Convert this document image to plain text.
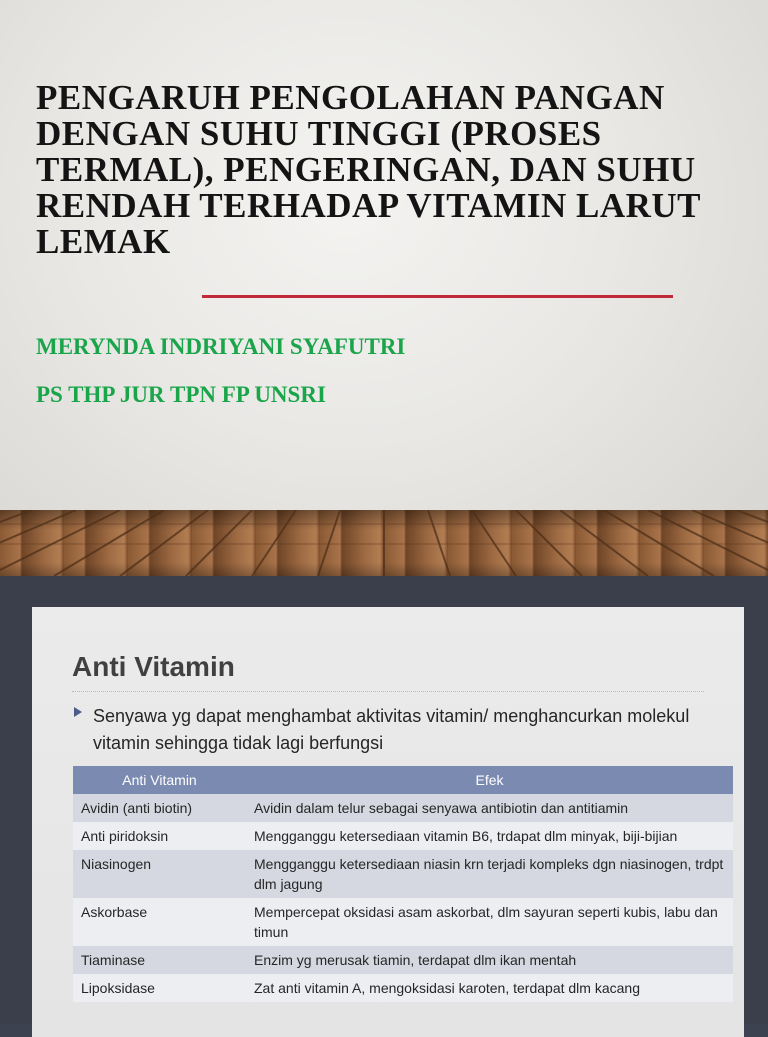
PENGARUH PENGOLAHAN PANGAN
DENGAN SUHU TINGGI (PROSES
TERMAL), PENGERINGAN, DAN SUHU
RENDAH TERHADAP VITAMIN LARUT
LEMAK
MERYNDA INDRIYANI SYAFUTRI
PS THP JUR TPN FP UNSRI
Anti Vitamin

Senyawa yg dapat menghambat aktivitas vitamin/ menghancurkan molekul vitamin sehingga tidak lagi berfungsi

Anti Vitamin	Efek
Avidin (anti biotin)	Avidin dalam telur sebagai senyawa antibiotin dan antitiamin
Anti piridoksin	Mengganggu ketersediaan vitamin B6, trdapat dlm minyak, biji-bijian
Niasinogen	Mengganggu ketersediaan niasin krn terjadi kompleks dgn niasinogen, trdpt dlm jagung
Askorbase	Mempercepat oksidasi asam askorbat, dlm sayuran seperti kubis, labu dan timun
Tiaminase	Enzim yg merusak tiamin, terdapat dlm ikan mentah
Lipoksidase	Zat anti vitamin A, mengoksidasi karoten, terdapat dlm kacang
